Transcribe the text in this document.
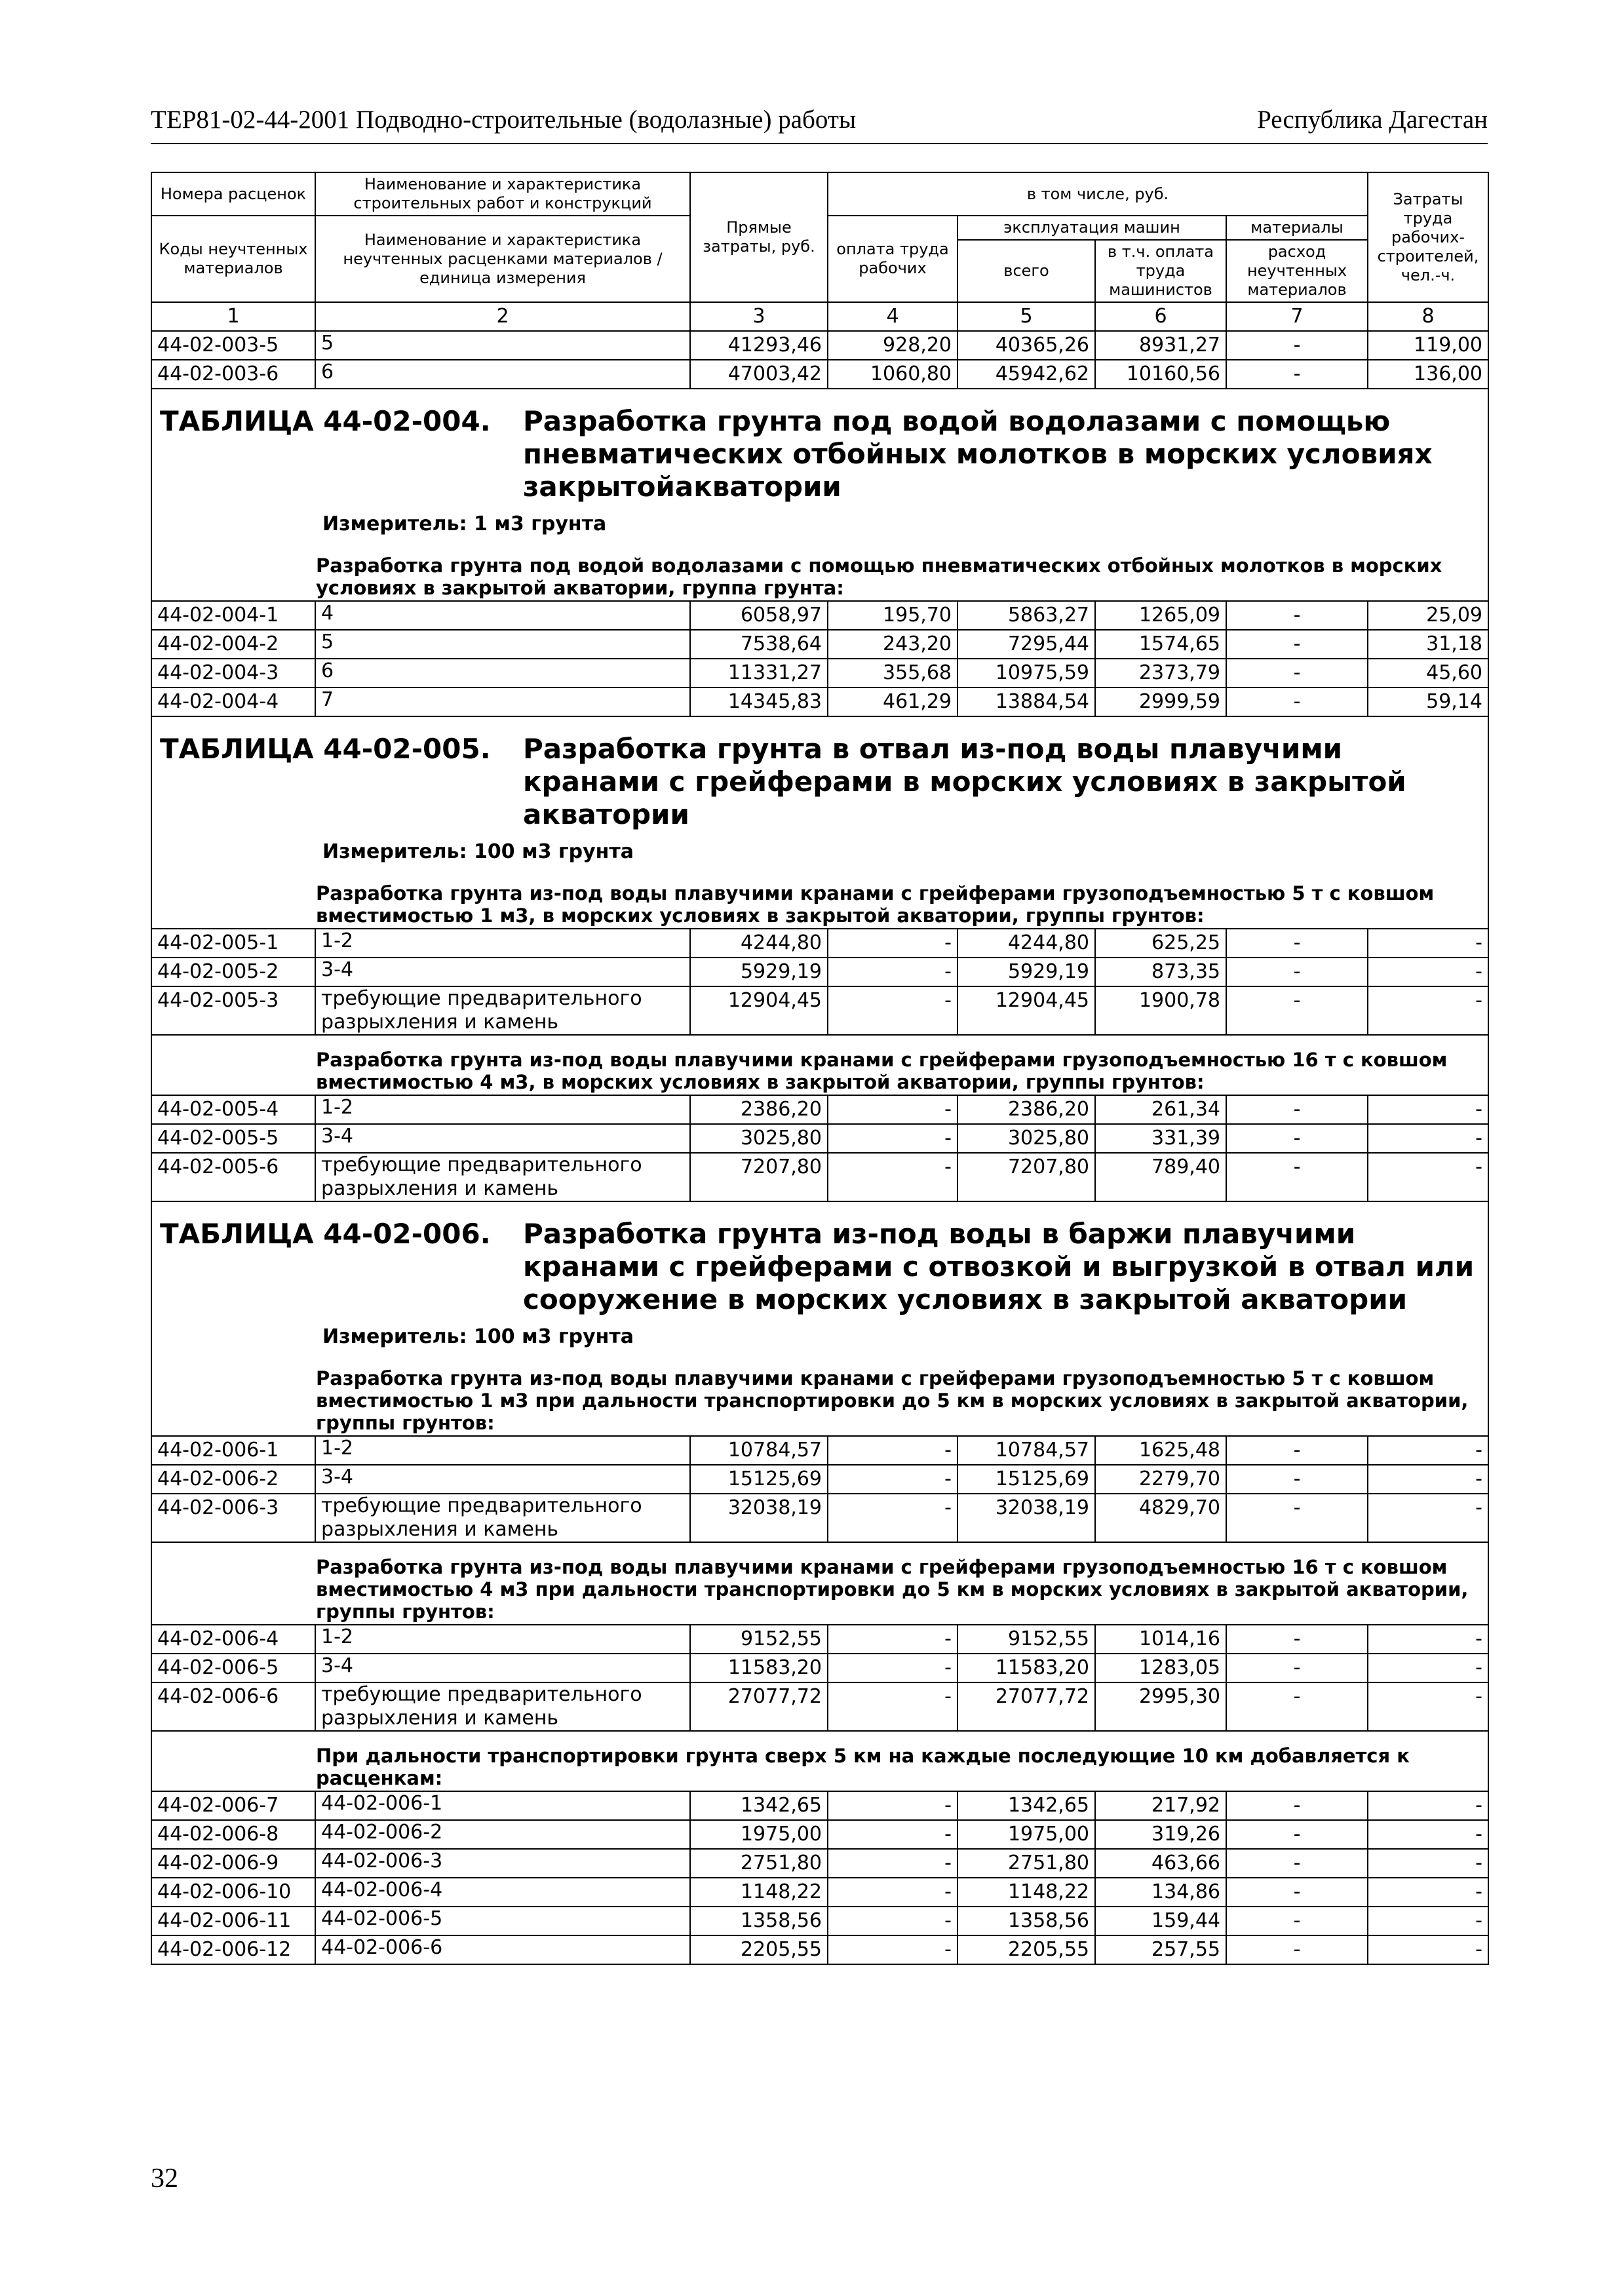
ТЕР81-02-44-2001 Подводно-строительные (водолазные) работы	Республика Дагестан
Номера расценок	Наименование и характеристика строительных работ и конструкций	Прямые затраты, руб.	в том числе, руб.				Затраты труда рабочих-строителей, чел.-ч.
Коды неучтенных материалов	Наименование и характеристика неучтенных расценками материалов / единица измерения		оплата труда рабочих	эксплуатация машин		материалы	
				всего	в т.ч. оплата труда машинистов	расход неучтенных материалов	
1	2	3	4	5	6	7	8
44-02-003-5	5	41293,46	928,20	40365,26	8931,27	-	119,00
44-02-003-6	6	47003,42	1060,80	45942,62	10160,56	-	136,00

ТАБЛИЦА 44-02-004. Разработка грунта под водой водолазами с помощью пневматических отбойных молотков в морских условиях закрытойакватории
Измеритель: 1 м3 грунта							

Разработка грунта под водой водолазами с помощью пневматических отбойных молотков в морских условиях в закрытой акватории, группа грунта:							
44-02-004-1	4	6058,97	195,70	5863,27	1265,09	-	25,09
44-02-004-2	5	7538,64	243,20	7295,44	1574,65	-	31,18
44-02-004-3	6	11331,27	355,68	10975,59	2373,79	-	45,60
44-02-004-4	7	14345,83	461,29	13884,54	2999,59	-	59,14

ТАБЛИЦА 44-02-005. Разработка грунта в отвал из-под воды плавучими кранами с грейферами в морских условиях в закрытой акватории
Измеритель: 100 м3 грунта							

Разработка грунта из-под воды плавучими кранами с грейферами грузоподъемностью 5 т с ковшом вместимостью 1 м3, в морских условиях в закрытой акватории, группы грунтов:							
44-02-005-1	1-2	4244,80	-	4244,80	625,25	-	-
44-02-005-2	3-4	5929,19	-	5929,19	873,35	-	-
44-02-005-3	требующие предварительного разрыхления и камень	12904,45	-	12904,45	1900,78	-	-
Разработка грунта из-под воды плавучими кранами с грейферами грузоподъемностью 16 т с ковшом вместимостью 4 м3, в морских условиях в закрытой акватории, группы грунтов:							
44-02-005-4	1-2	2386,20	-	2386,20	261,34	-	-
44-02-005-5	3-4	3025,80	-	3025,80	331,39	-	-
44-02-005-6	требующие предварительного разрыхления и камень	7207,80	-	7207,80	789,40	-	-

ТАБЛИЦА 44-02-006. Разработка грунта из-под воды в баржи плавучими кранами с грейферами с отвозкой и выгрузкой в отвал или сооружение в морских условиях в закрытой акватории
Измеритель: 100 м3 грунта							

Разработка грунта из-под воды плавучими кранами с грейферами грузоподъемностью 5 т с ковшом вместимостью 1 м3 при дальности транспортировки до 5 км в морских условиях в закрытой акватории, группы грунтов:							
44-02-006-1	1-2	10784,57	-	10784,57	1625,48	-	-
44-02-006-2	3-4	15125,69	-	15125,69	2279,70	-	-
44-02-006-3	требующие предварительного разрыхления и камень	32038,19	-	32038,19	4829,70	-	-
Разработка грунта из-под воды плавучими кранами с грейферами грузоподъемностью 16 т с ковшом вместимостью 4 м3 при дальности транспортировки до 5 км в морских условиях в закрытой акватории, группы грунтов:							
44-02-006-4	1-2	9152,55	-	9152,55	1014,16	-	-
44-02-006-5	3-4	11583,20	-	11583,20	1283,05	-	-
44-02-006-6	требующие предварительного разрыхления и камень	27077,72	-	27077,72	2995,30	-	-
При дальности транспортировки грунта сверх 5 км на каждые последующие 10 км добавляется к расценкам:							
44-02-006-7	44-02-006-1	1342,65	-	1342,65	217,92	-	-
44-02-006-8	44-02-006-2	1975,00	-	1975,00	319,26	-	-
44-02-006-9	44-02-006-3	2751,80	-	2751,80	463,66	-	-
44-02-006-10	44-02-006-4	1148,22	-	1148,22	134,86	-	-
44-02-006-11	44-02-006-5	1358,56	-	1358,56	159,44	-	-
44-02-006-12	44-02-006-6	2205,55	-	2205,55	257,55	-	-
32
